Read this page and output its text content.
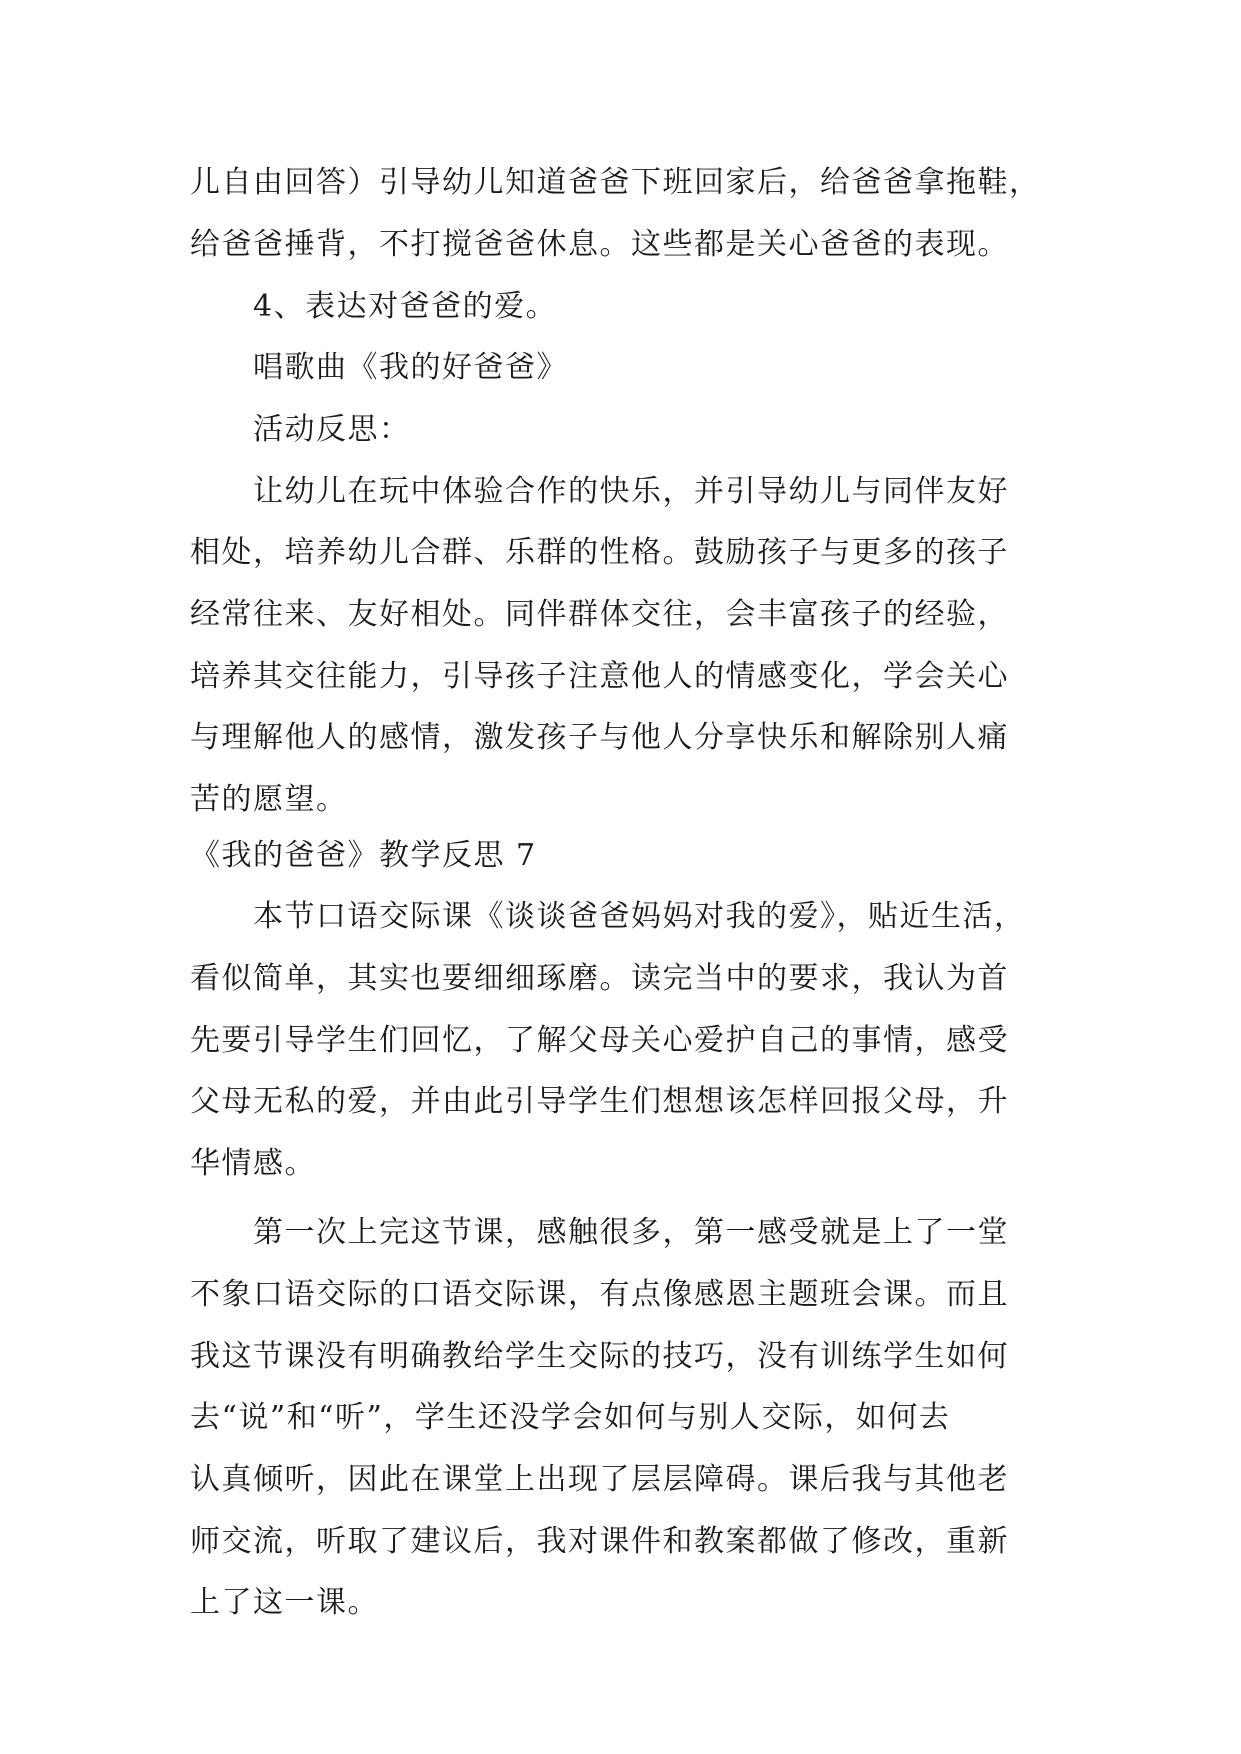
儿自由回答）引导幼儿知道爸爸下班回家后，给爸爸拿拖鞋，
给爸爸捶背，不打搅爸爸休息。这些都是关心爸爸的表现。
4、表达对爸爸的爱。
唱歌曲《我的好爸爸》
活动反思：
让幼儿在玩中体验合作的快乐，并引导幼儿与同伴友好
相处，培养幼儿合群、乐群的性格。鼓励孩子与更多的孩子
经常往来、友好相处。同伴群体交往，会丰富孩子的经验，
培养其交往能力，引导孩子注意他人的情感变化，学会关心
与理解他人的感情，激发孩子与他人分享快乐和解除别人痛
苦的愿望。
《我的爸爸》教学反思 7
本节口语交际课《谈谈爸爸妈妈对我的爱》，贴近生活，
看似简单，其实也要细细琢磨。读完当中的要求，我认为首
先要引导学生们回忆，了解父母关心爱护自己的事情，感受
父母无私的爱，并由此引导学生们想想该怎样回报父母，升
华情感。
第一次上完这节课，感触很多，第一感受就是上了一堂
不象口语交际的口语交际课，有点像感恩主题班会课。而且
我这节课没有明确教给学生交际的技巧，没有训练学生如何
去“说”和“听”，学生还没学会如何与别人交际，如何去
认真倾听，因此在课堂上出现了层层障碍。课后我与其他老
师交流，听取了建议后，我对课件和教案都做了修改，重新
上了这一课。
